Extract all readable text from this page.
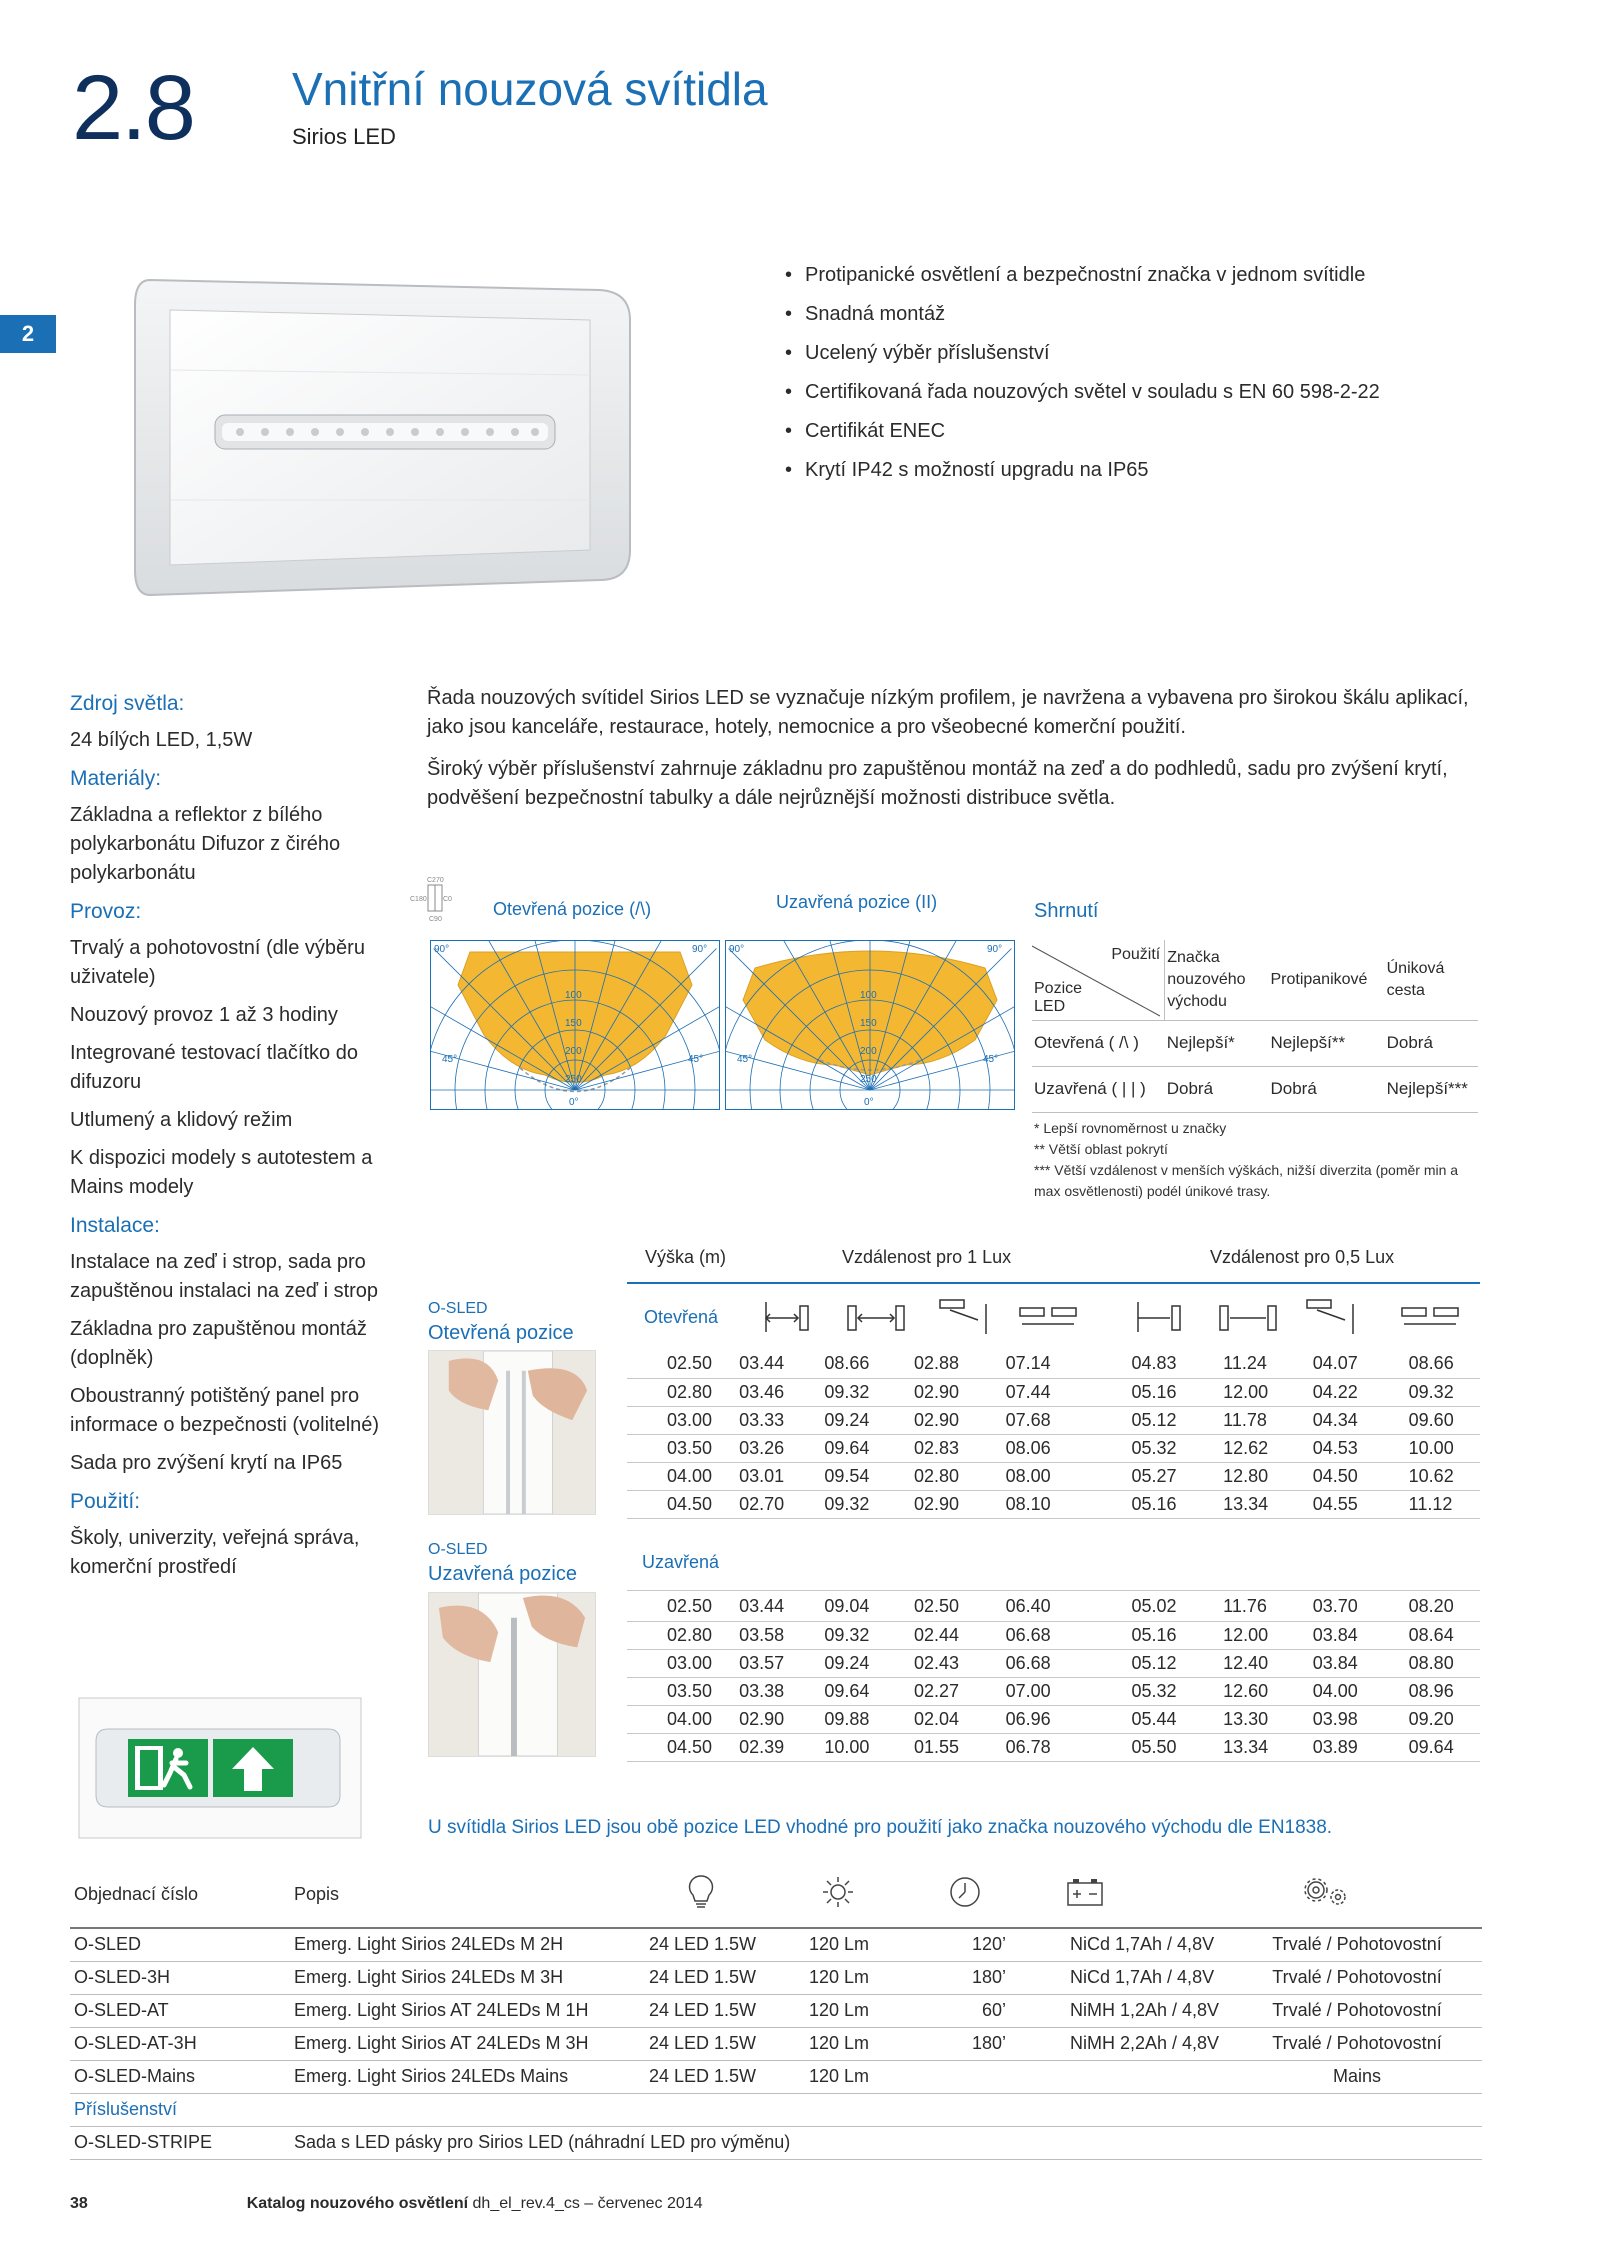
2.8 Vnitřní nouzová svítidla
Sirios LED
2
• Protipanické osvětlení a bezpečnostní značka v jednom svítidle
• Snadná montáž
• Ucelený výběr příslušenství
• Certifikovaná řada nouzových světel v souladu s EN 60 598-2-22
• Certifikát ENEC
• Krytí IP42 s možností upgradu na IP65
Zdroj světla:
24 bílých LED, 1,5W
Materiály:
Základna a reflektor z bílého polykarbonátu Difuzor z čirého polykarbonátu
Provoz:
Trvalý a pohotovostní (dle výběru uživatele)
Nouzový provoz 1 až 3 hodiny
Integrované testovací tlačítko do difuzoru
Utlumený a klidový režim
K dispozici modely s autotestem a Mains modely
Instalace:
Instalace na zeď i strop, sada pro zapuštěnou instalaci na zeď i strop
Základna pro zapuštěnou montáž (doplněk)
Oboustranný potištěný panel pro informace o bezpečnosti (volitelné)
Sada pro zvýšení krytí na IP65
Použití:
Školy, univerzity, veřejná správa, komerční prostředí

Řada nouzových svítidel Sirios LED se vyznačuje nízkým profilem, je navržena a vybavena pro širokou škálu aplikací, jako jsou kanceláře, restaurace, hotely, nemocnice a pro všeobecné komerční použití.

Široký výběr příslušenství zahrnuje základnu pro zapuštěnou montáž na zeď a do podhledů, sadu pro zvýšení krytí, podvěšení bezpečnostní tabulky a dále nejrůznější možnosti distribuce světla.

C270
C180 C0
C90
Otevřená pozice (/\)	Uzavřená pozice (II)
90°	90°
45°	45°
0°
100
150
200
250
90°	90°
45°	45°
0°
100
150
200
250
Shrnutí
Použití
Pozice LED	Značka nouzového východu	Protipanikové	Úniková cesta
Otevřená ( /\ )	Nejlepší*	Nejlepší**	Dobrá
Uzavřená ( | | )	Dobrá	Dobrá	Nejlepší***
* Lepší rovnoměrnost u značky
** Větší oblast pokrytí
*** Větší vzdálenost v menších výškách, nižší diverzita (poměr min a max osvětlenosti) podél únikové trasy.
Výška (m)	Vzdálenost pro 1 Lux	Vzdálenost pro 0,5 Lux
O-SLED
Otevřená pozice
O-SLED
Uzavřená pozice
Otevřená
02.50	03.44	08.66	02.88	07.14	04.83	11.24	04.07	08.66
02.80	03.46	09.32	02.90	07.44	05.16	12.00	04.22	09.32
03.00	03.33	09.24	02.90	07.68	05.12	11.78	04.34	09.60
03.50	03.26	09.64	02.83	08.06	05.32	12.62	04.53	10.00
04.00	03.01	09.54	02.80	08.00	05.27	12.80	04.50	10.62
04.50	02.70	09.32	02.90	08.10	05.16	13.34	04.55	11.12
Uzavřená
02.50	03.44	09.04	02.50	06.40	05.02	11.76	03.70	08.20
02.80	03.58	09.32	02.44	06.68	05.16	12.00	03.84	08.64
03.00	03.57	09.24	02.43	06.68	05.12	12.40	03.84	08.80
03.50	03.38	09.64	02.27	07.00	05.32	12.60	04.00	08.96
04.00	02.90	09.88	02.04	06.96	05.44	13.30	03.98	09.20
04.50	02.39	10.00	01.55	06.78	05.50	13.34	03.89	09.64
U svítidla Sirios LED jsou obě pozice LED vhodné pro použití jako značka nouzového východu dle EN1838.
Objednací číslo	Popis					
O-SLED	Emerg. Light Sirios 24LEDs M 2H	24 LED 1.5W	120 Lm	120’	NiCd 1,7Ah / 4,8V	Trvalé / Pohotovostní
O-SLED-3H	Emerg. Light Sirios 24LEDs M 3H	24 LED 1.5W	120 Lm	180’	NiCd 1,7Ah / 4,8V	Trvalé / Pohotovostní
O-SLED-AT	Emerg. Light Sirios AT 24LEDs M 1H	24 LED 1.5W	120 Lm	60’	NiMH 1,2Ah / 4,8V	Trvalé / Pohotovostní
O-SLED-AT-3H	Emerg. Light Sirios AT 24LEDs M 3H	24 LED 1.5W	120 Lm	180’	NiMH 2,2Ah / 4,8V	Trvalé / Pohotovostní
O-SLED-Mains	Emerg. Light Sirios 24LEDs Mains	24 LED 1.5W	120 Lm			Mains
Příslušenství						
O-SLED-STRIPE	Sada s LED pásky pro Sirios LED (náhradní LED pro výměnu)					
38	Katalog nouzového osvětlení dh_el_rev.4_cs – červenec 2014
